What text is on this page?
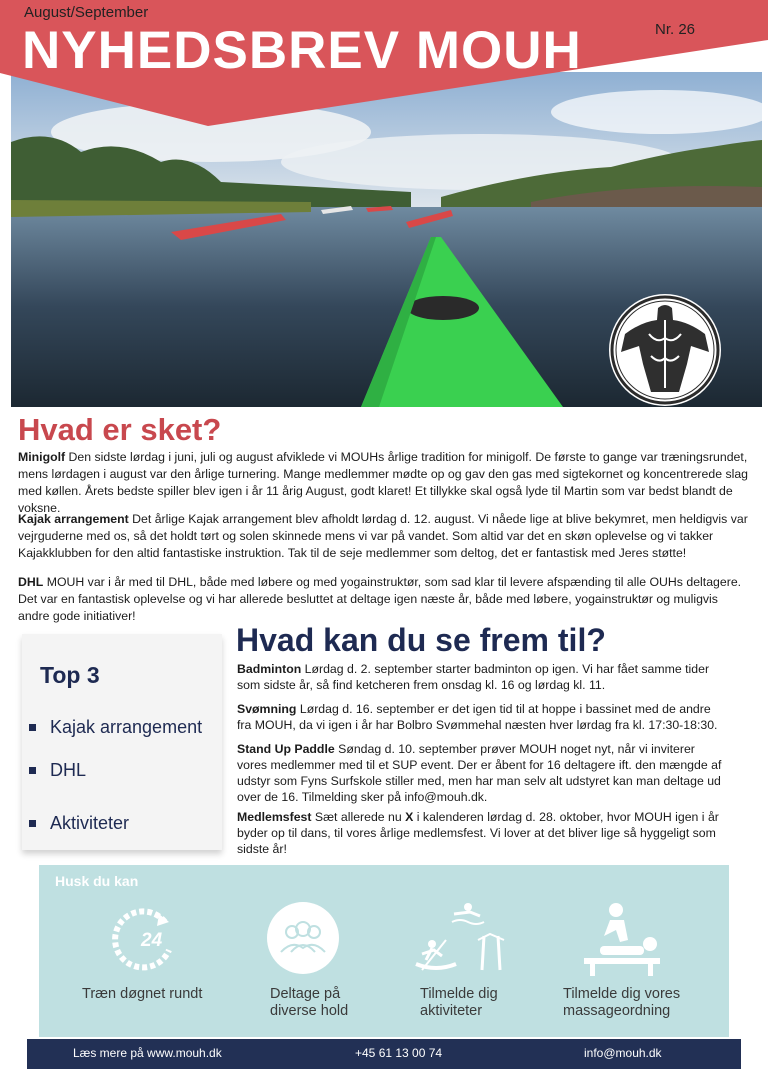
August/September
NYHEDSBREV MOUH	Nr. 26
Hvad er sket?
Minigolf Den sidste lørdag i juni, juli og august afviklede vi MOUHs årlige tradition for minigolf. De første to gange var træningsrundet, mens lørdagen i august var den årlige turnering. Mange medlemmer mødte op og gav den gas med sigtekornet og koncentrerede slag med køllen. Årets bedste spiller blev igen i år 11 årig August, godt klaret! Et tillykke skal også lyde til Martin som var bedst blandt de voksne.
Kajak arrangement Det årlige Kajak arrangement blev afholdt lørdag d. 12. august. Vi nåede lige at blive bekymret, men heldigvis var vejrguderne med os, så det holdt tørt og solen skinnede mens vi var på vandet. Som altid var det en skøn oplevelse og vi takker Kajakklubben for den altid fantastiske instruktion. Tak til de seje medlemmer som deltog, det er fantastisk med Jeres støtte!
DHL MOUH var i år med til DHL, både med løbere og med yogainstruktør, som sad klar til levere afspænding til alle OUHs deltagere. Det var en fantastisk oplevelse og vi har allerede besluttet at deltage igen næste år, både med løbere, yogainstruktør og muligvis andre gode initiativer!
Top 3
Kajak arrangement
DHL
Aktiviteter
Hvad kan du se frem til?
Badminton Lørdag d. 2. september starter badminton op igen. Vi har fået samme tider som sidste år, så find ketcheren frem onsdag kl. 16 og lørdag kl. 11.
Svømning Lørdag d. 16. september er det igen tid til at hoppe i bassinet med de andre fra MOUH, da vi igen i år har Bolbro Svømmehal næsten hver lørdag fra kl. 17:30-18:30.
Stand Up Paddle Søndag d. 10. september prøver MOUH noget nyt, når vi inviterer vores medlemmer med til et SUP event. Der er åbent for 16 deltagere ift. den mængde af udstyr som Fyns Surfskole stiller med, men har man selv alt udstyret kan man deltage ud over de 16. Tilmelding sker på info@mouh.dk.
Medlemsfest Sæt allerede nu X i kalenderen lørdag d. 28. oktober, hvor MOUH igen i år byder op til dans, til vores årlige medlemsfest. Vi lover at det bliver lige så hyggeligt som sidste år!
Husk du kan
24
Træn døgnet rundt	Deltage på
diverse hold
Tilmelde dig
aktiviteter
Tilmelde dig vores
massageordning
Læs mere på www.mouh.dk	+45 61 13 00 74	info@mouh.dk
